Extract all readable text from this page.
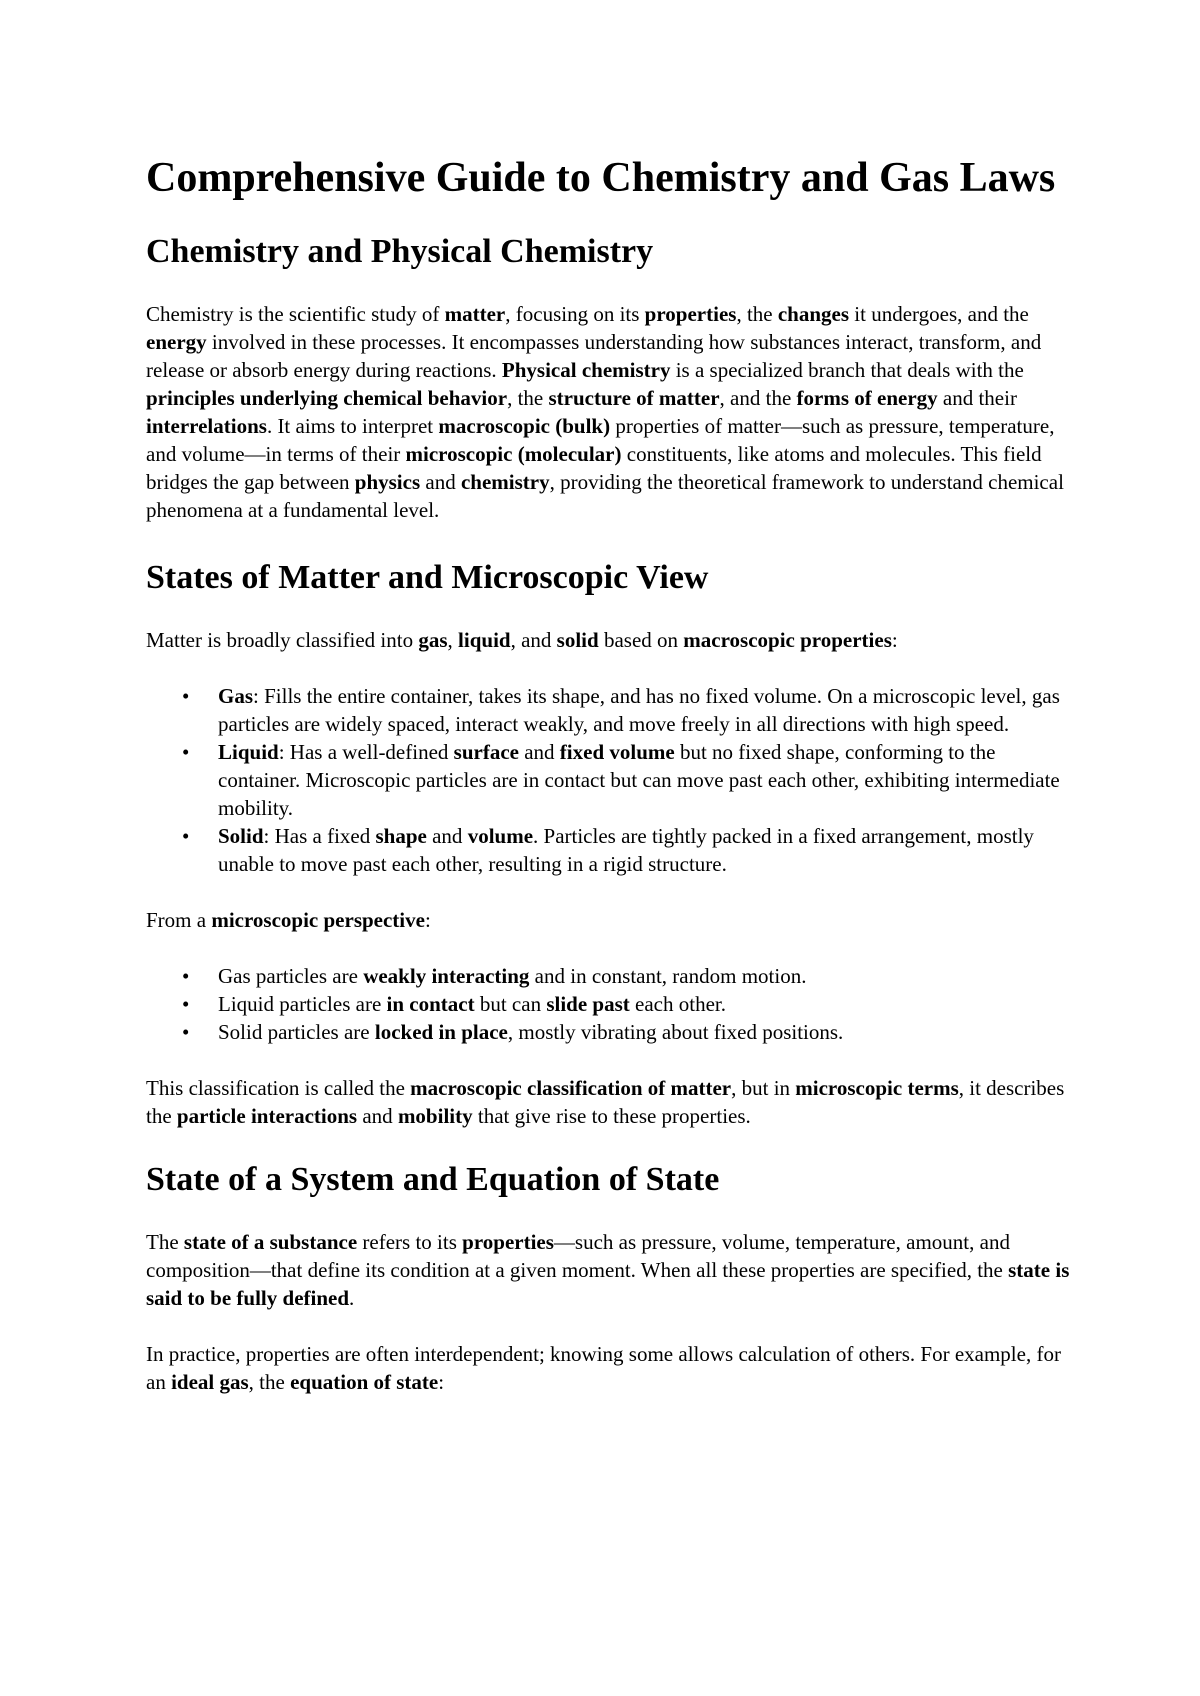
Comprehensive Guide to Chemistry and Gas Laws
Chemistry and Physical Chemistry

Chemistry is the scientific study of matter, focusing on its properties, the changes it undergoes, and the energy involved in these processes. It encompasses understanding how substances interact, transform, and release or absorb energy during reactions. Physical chemistry is a specialized branch that deals with the principles underlying chemical behavior, the structure of matter, and the forms of energy and their interrelations. It aims to interpret macroscopic (bulk) properties of matter—such as pressure, temperature, and volume—in terms of their microscopic (molecular) constituents, like atoms and molecules. This field bridges the gap between physics and chemistry, providing the theoretical framework to understand chemical phenomena at a fundamental level.

States of Matter and Microscopic View

Matter is broadly classified into gas, liquid, and solid based on macroscopic properties:

• Gas: Fills the entire container, takes its shape, and has no fixed volume. On a microscopic level, gas particles are widely spaced, interact weakly, and move freely in all directions with high speed.
• Liquid: Has a well-defined surface and fixed volume but no fixed shape, conforming to the container. Microscopic particles are in contact but can move past each other, exhibiting intermediate mobility.
• Solid: Has a fixed shape and volume. Particles are tightly packed in a fixed arrangement, mostly unable to move past each other, resulting in a rigid structure.

From a microscopic perspective:

• Gas particles are weakly interacting and in constant, random motion.
• Liquid particles are in contact but can slide past each other.
• Solid particles are locked in place, mostly vibrating about fixed positions.

This classification is called the macroscopic classification of matter, but in microscopic terms, it describes the particle interactions and mobility that give rise to these properties.

State of a System and Equation of State

The state of a substance refers to its properties—such as pressure, volume, temperature, amount, and composition—that define its condition at a given moment. When all these properties are specified, the state is said to be fully defined.

In practice, properties are often interdependent; knowing some allows calculation of others. For example, for an ideal gas, the equation of state:
